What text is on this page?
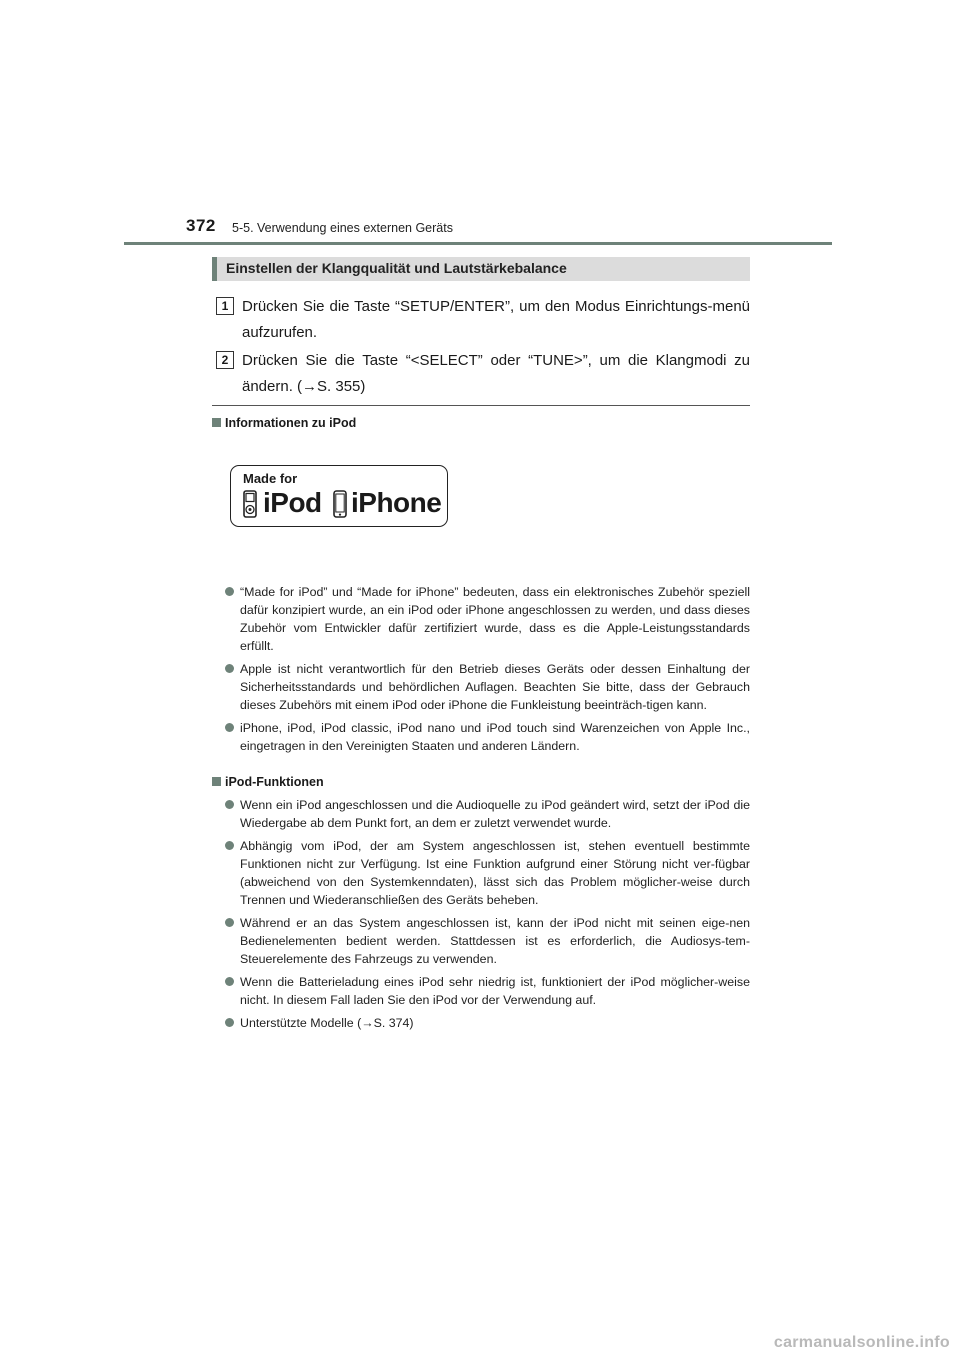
372 5-5. Verwendung eines externen Geräts
Einstellen der Klangqualität und Lautstärkebalance
1 Drücken Sie die Taste “SETUP/ENTER”, um den Modus Einrichtungs-menü aufzurufen.
2 Drücken Sie die Taste “<SELECT” oder “TUNE>”, um die Klangmodi zu ändern. (→S. 355)
Informationen zu iPod
Made for
iPod iPhone
“Made for iPod” und “Made for iPhone” bedeuten, dass ein elektronisches Zubehör speziell dafür konzipiert wurde, an ein iPod oder iPhone angeschlossen zu werden, und dass dieses Zubehör vom Entwickler dafür zertifiziert wurde, dass es die Apple-Leistungsstandards erfüllt.
Apple ist nicht verantwortlich für den Betrieb dieses Geräts oder dessen Einhaltung der Sicherheitsstandards und behördlichen Auflagen. Beachten Sie bitte, dass der Gebrauch dieses Zubehörs mit einem iPod oder iPhone die Funkleistung beeinträch-tigen kann.
iPhone, iPod, iPod classic, iPod nano und iPod touch sind Warenzeichen von Apple Inc., eingetragen in den Vereinigten Staaten und anderen Ländern.
iPod-Funktionen
Wenn ein iPod angeschlossen und die Audioquelle zu iPod geändert wird, setzt der iPod die Wiedergabe ab dem Punkt fort, an dem er zuletzt verwendet wurde.
Abhängig vom iPod, der am System angeschlossen ist, stehen eventuell bestimmte Funktionen nicht zur Verfügung. Ist eine Funktion aufgrund einer Störung nicht ver-fügbar (abweichend von den Systemkenndaten), lässt sich das Problem möglicher-weise durch Trennen und Wiederanschließen des Geräts beheben.
Während er an das System angeschlossen ist, kann der iPod nicht mit seinen eige-nen Bedienelementen bedient werden. Stattdessen ist es erforderlich, die Audiosys-tem-Steuerelemente des Fahrzeugs zu verwenden.
Wenn die Batterieladung eines iPod sehr niedrig ist, funktioniert der iPod möglicher-weise nicht. In diesem Fall laden Sie den iPod vor der Verwendung auf.
Unterstützte Modelle (→S. 374)
carmanualsonline.info
